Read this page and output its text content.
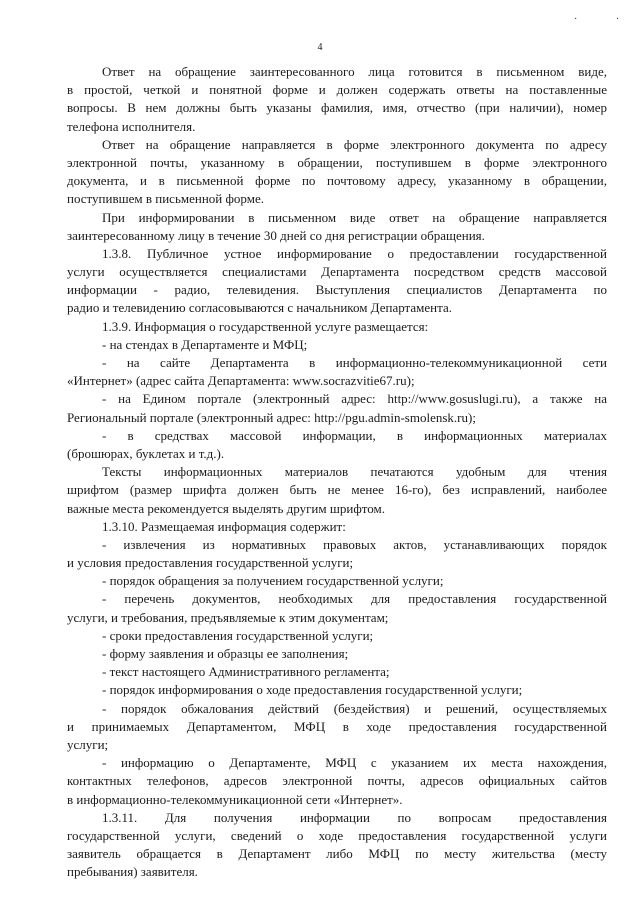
· ·
4
Ответ на обращение заинтересованного лица готовится в письменном виде,
в простой, четкой и понятной форме и должен содержать ответы на поставленные
вопросы. В нем должны быть указаны фамилия, имя, отчество (при наличии), номер
телефона исполнителя.
Ответ на обращение направляется в форме электронного документа по адресу
электронной почты, указанному в обращении, поступившем в форме электронного
документа, и в письменной форме по почтовому адресу, указанному в обращении,
поступившем в письменной форме.
При информировании в письменном виде ответ на обращение направляется
заинтересованному лицу в течение 30 дней со дня регистрации обращения.
1.3.8. Публичное устное информирование о предоставлении государственной
услуги осуществляется специалистами Департамента посредством средств массовой
информации - радио, телевидения. Выступления специалистов Департамента по
радио и телевидению согласовываются с начальником Департамента.
1.3.9. Информация о государственной услуге размещается:
- на стендах в Департаменте и МФЦ;
- на сайте Департамента в информационно-телекоммуникационной сети
«Интернет» (адрес сайта Департамента: www.socrazvitie67.ru);
- на Едином портале (электронный адрес: http://www.gosuslugi.ru), а также на
Региональный портале (электронный адрес: http://pgu.admin-smolensk.ru);
- в средствах массовой информации, в информационных материалах
(брошюрах, буклетах и т.д.).
Тексты информационных материалов печатаются удобным для чтения
шрифтом (размер шрифта должен быть не менее 16-го), без исправлений, наиболее
важные места рекомендуется выделять другим шрифтом.
1.3.10. Размещаемая информация содержит:
- извлечения из нормативных правовых актов, устанавливающих порядок
и условия предоставления государственной услуги;
- порядок обращения за получением государственной услуги;
- перечень документов, необходимых для предоставления государственной
услуги, и требования, предъявляемые к этим документам;
- сроки предоставления государственной услуги;
- форму заявления и образцы ее заполнения;
- текст настоящего Административного регламента;
- порядок информирования о ходе предоставления государственной услуги;
- порядок обжалования действий (бездействия) и решений, осуществляемых
и принимаемых Департаментом, МФЦ в ходе предоставления государственной
услуги;
- информацию о Департаменте, МФЦ с указанием их места нахождения,
контактных телефонов, адресов электронной почты, адресов официальных сайтов
в информационно-телекоммуникационной сети «Интернет».
1.3.11. Для получения информации по вопросам предоставления
государственной услуги, сведений о ходе предоставления государственной услуги
заявитель обращается в Департамент либо МФЦ по месту жительства (месту
пребывания) заявителя.
